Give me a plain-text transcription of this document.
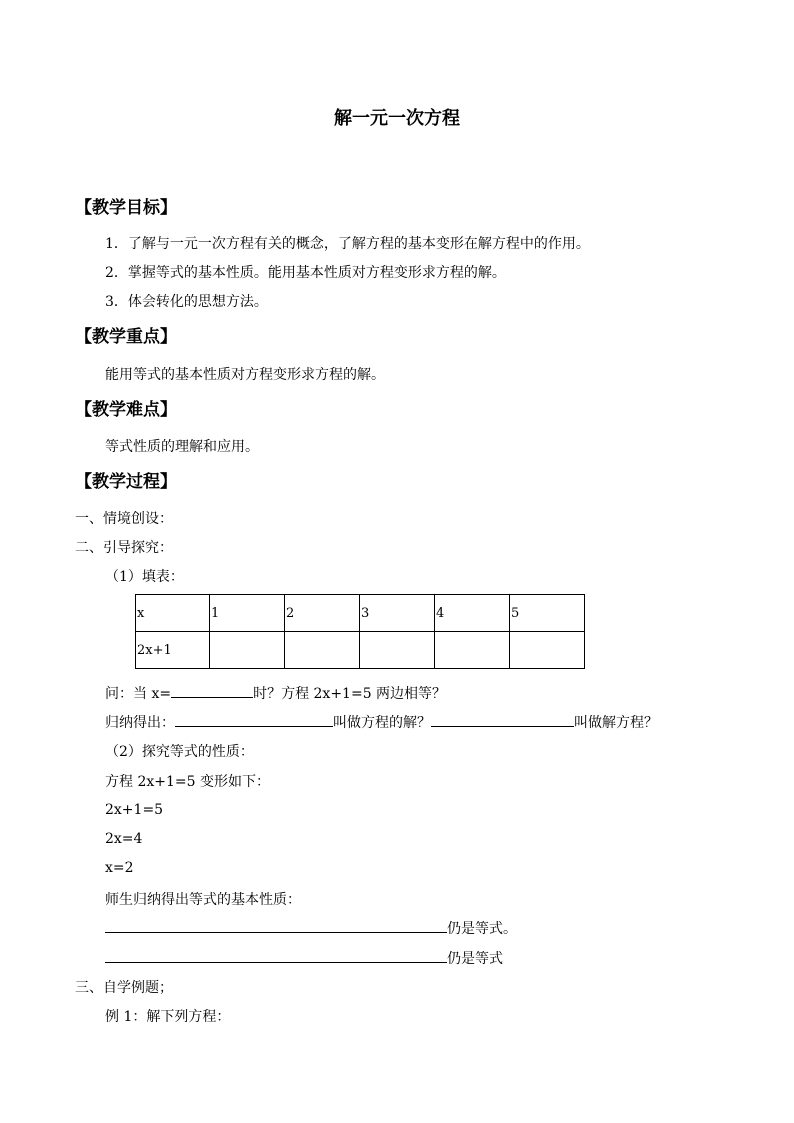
解一元一次方程
【教学目标】
1．了解与一元一次方程有关的概念，了解方程的基本变形在解方程中的作用。
2．掌握等式的基本性质。能用基本性质对方程变形求方程的解。
3．体会转化的思想方法。
【教学重点】
能用等式的基本性质对方程变形求方程的解。
【教学难点】
等式性质的理解和应用。
【教学过程】
一、情境创设：
二、引导探究：
（1）填表：
x	1	2	3	4	5
2x+1					
问：当 x=	时？方程 2x+1=5 两边相等？
归纳得出：	叫做方程的解？	叫做解方程？
（2）探究等式的性质：
方程 2x+1=5 变形如下：
2x+1=5
2x=4
x=2
师生归纳得出等式的基本性质：
仍是等式。
仍是等式
三、自学例题；
例 1：解下列方程：
